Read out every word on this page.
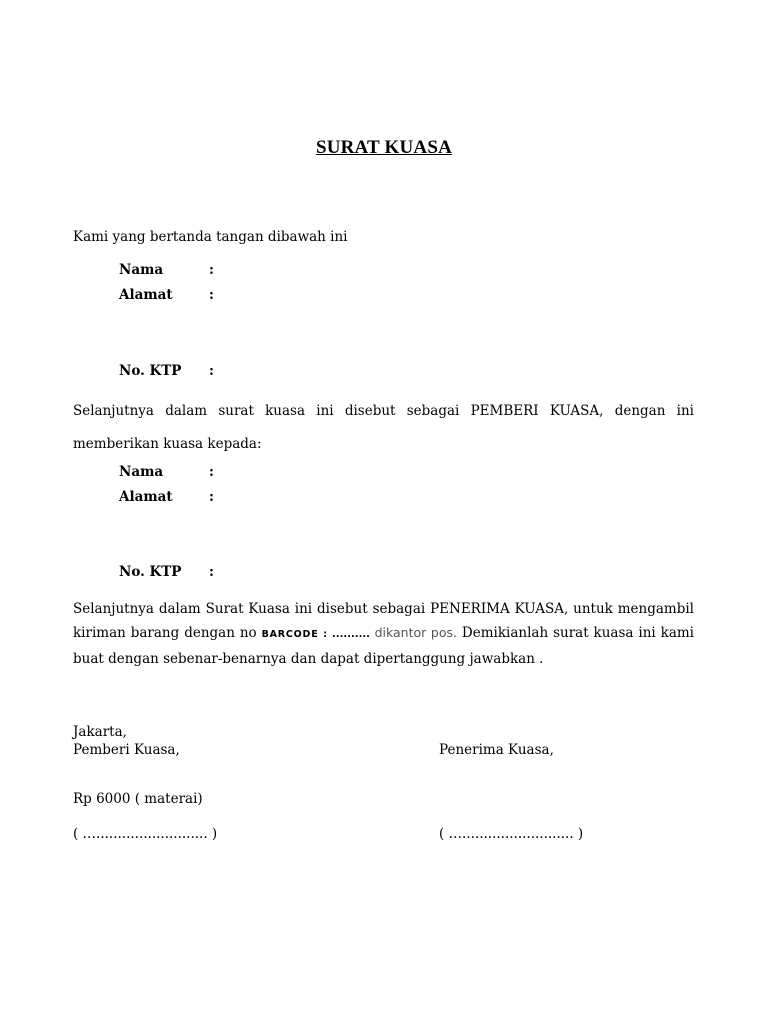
SURAT KUASA
Kami yang bertanda tangan dibawah ini
Nama	:
Alamat	:
No. KTP :
Selanjutnya dalam surat kuasa ini disebut sebagai PEMBERI KUASA, dengan ini memberikan kuasa kepada:
Nama	:
Alamat	:
No. KTP :
Selanjutnya dalam Surat Kuasa ini disebut sebagai PENERIMA KUASA, untuk mengambil kiriman barang dengan no BARCODE : .......... dikantor pos. Demikianlah surat kuasa ini kami buat dengan sebenar-benarnya dan dapat dipertanggung jawabkan .
Jakarta,
Pemberi Kuasa,	Penerima Kuasa,
Rp 6000 ( materai)
( ….......................... )	( ….......................... )
